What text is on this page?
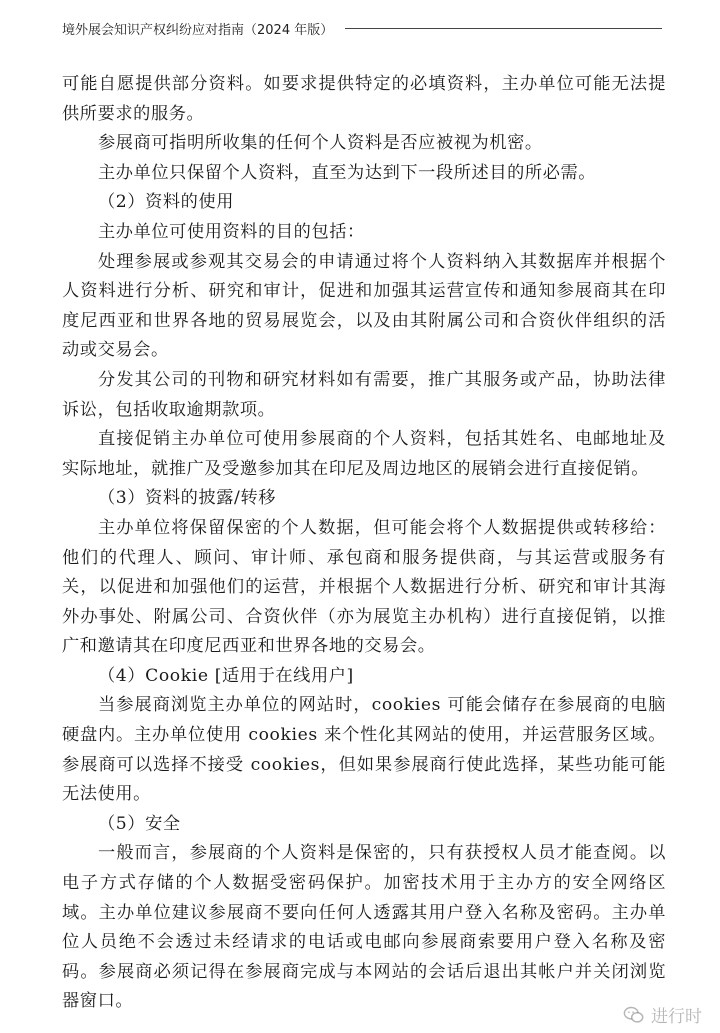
境外展会知识产权纠纷应对指南（2024 年版）

可能自愿提供部分资料。如要求提供特定的必填资料，主办单位可能无法提供所要求的服务。

参展商可指明所收集的任何个人资料是否应被视为机密。

主办单位只保留个人资料，直至为达到下一段所述目的所必需。

（2）资料的使用

主办单位可使用资料的目的包括：

处理参展或参观其交易会的申请通过将个人资料纳入其数据库并根据个人资料进行分析、研究和审计，促进和加强其运营宣传和通知参展商其在印度尼西亚和世界各地的贸易展览会，以及由其附属公司和合资伙伴组织的活动或交易会。

分发其公司的刊物和研究材料如有需要，推广其服务或产品，协助法律诉讼，包括收取逾期款项。

直接促销主办单位可使用参展商的个人资料，包括其姓名、电邮地址及实际地址，就推广及受邀参加其在印尼及周边地区的展销会进行直接促销。

（3）资料的披露/转移

主办单位将保留保密的个人数据，但可能会将个人数据提供或转移给：他们的代理人、顾问、审计师、承包商和服务提供商，与其运营或服务有关，以促进和加强他们的运营，并根据个人数据进行分析、研究和审计其海外办事处、附属公司、合资伙伴（亦为展览主办机构）进行直接促销，以推广和邀请其在印度尼西亚和世界各地的交易会。

（4）Cookie [适用于在线用户]

当参展商浏览主办单位的网站时，cookies 可能会储存在参展商的电脑硬盘内。主办单位使用 cookies 来个性化其网站的使用，并运营服务区域。参展商可以选择不接受 cookies，但如果参展商行使此选择，某些功能可能无法使用。

（5）安全

一般而言，参展商的个人资料是保密的，只有获授权人员才能查阅。以电子方式存储的个人数据受密码保护。加密技术用于主办方的安全网络区域。主办单位建议参展商不要向任何人透露其用户登入名称及密码。主办单位人员绝不会透过未经请求的电话或电邮向参展商索要用户登入名称及密码。参展商必须记得在参展商完成与本网站的会话后退出其帐户并关闭浏览器窗口。

进行时
